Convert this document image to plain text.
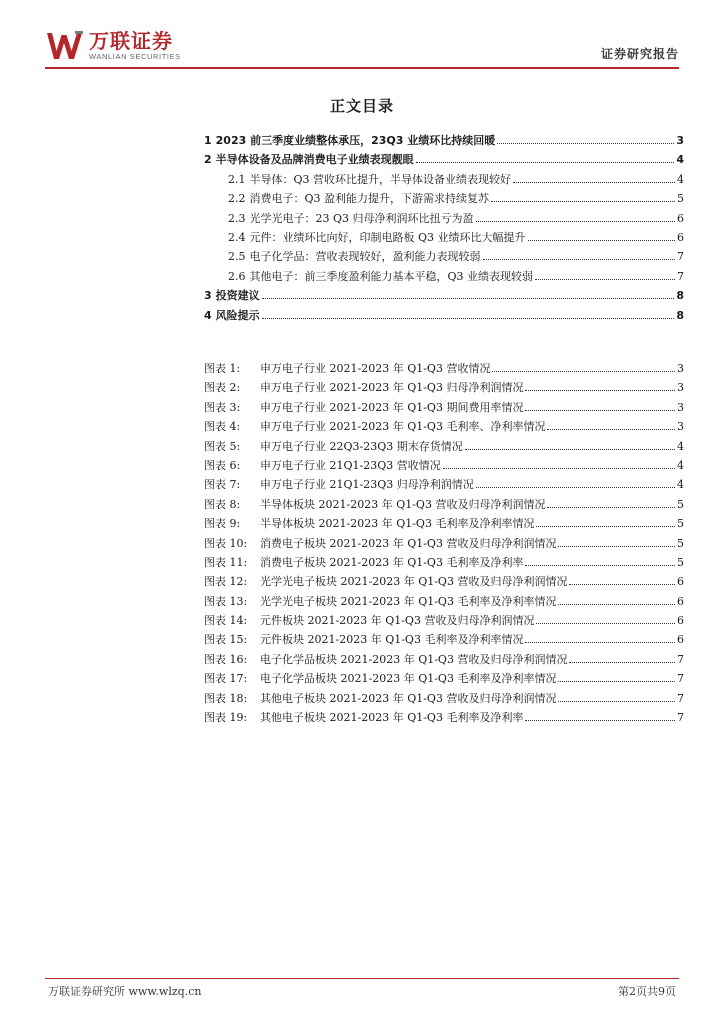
万联证券
WANLIAN SECURITIES	证券研究报告
正文目录
1 2023 前三季度业绩整体承压，23Q3 业绩环比持续回暖	3
2 半导体设备及品牌消费电子业绩表现靓眼	4
2.1 半导体：Q3 营收环比提升，半导体设备业绩表现较好	4
2.2 消费电子：Q3 盈利能力提升，下游需求持续复苏	5
2.3 光学光电子：23 Q3 归母净利润环比扭亏为盈	6
2.4 元件：业绩环比向好，印制电路板 Q3 业绩环比大幅提升	6
2.5 电子化学品：营收表现较好，盈利能力表现较弱	7
2.6 其他电子：前三季度盈利能力基本平稳，Q3 业绩表现较弱	7
3 投资建议	8
4 风险提示	8
图表 1:	申万电子行业 2021-2023 年 Q1-Q3 营收情况	3
图表 2:	申万电子行业 2021-2023 年 Q1-Q3 归母净利润情况	3
图表 3:	申万电子行业 2021-2023 年 Q1-Q3 期间费用率情况	3
图表 4:	申万电子行业 2021-2023 年 Q1-Q3 毛利率、净利率情况	3
图表 5:	申万电子行业 22Q3-23Q3 期末存货情况	4
图表 6:	申万电子行业 21Q1-23Q3 营收情况	4
图表 7:	申万电子行业 21Q1-23Q3 归母净利润情况	4
图表 8:	半导体板块 2021-2023 年 Q1-Q3 营收及归母净利润情况	5
图表 9:	半导体板块 2021-2023 年 Q1-Q3 毛利率及净利率情况	5
图表 10:	消费电子板块 2021-2023 年 Q1-Q3 营收及归母净利润情况	5
图表 11:	消费电子板块 2021-2023 年 Q1-Q3 毛利率及净利率	5
图表 12:	光学光电子板块 2021-2023 年 Q1-Q3 营收及归母净利润情况	6
图表 13:	光学光电子板块 2021-2023 年 Q1-Q3 毛利率及净利率情况	6
图表 14:	元件板块 2021-2023 年 Q1-Q3 营收及归母净利润情况	6
图表 15:	元件板块 2021-2023 年 Q1-Q3 毛利率及净利率情况	6
图表 16:	电子化学品板块 2021-2023 年 Q1-Q3 营收及归母净利润情况	7
图表 17:	电子化学品板块 2021-2023 年 Q1-Q3 毛利率及净利率情况	7
图表 18:	其他电子板块 2021-2023 年 Q1-Q3 营收及归母净利润情况	7
图表 19:	其他电子板块 2021-2023 年 Q1-Q3 毛利率及净利率	7
万联证券研究所 www.wlzq.cn	第2页共9页
